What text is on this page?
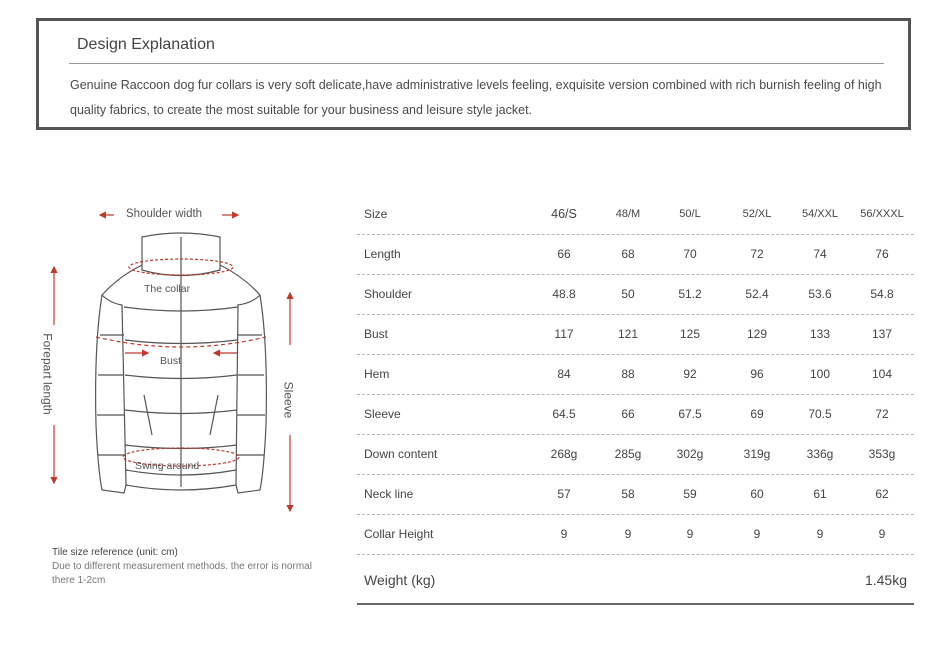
Design Explanation

Genuine Raccoon dog fur collars is very soft delicate,have administrative levels feeling, exquisite version combined with rich burnish feeling of high quality fabrics, to create the most suitable for your business and leisure style jacket.

Shoulder width
The collar
Bust
Swing around
Forepart length	Sleeve
Tile size reference (unit: cm)
Due to different measurement methods. the error is normal there 1-2cm
Size	46/S	48/M	50/L	52/XL	54/XXL	56/XXXL
Length	66	68	70	72	74	76
Shoulder	48.8	50	51.2	52.4	53.6	54.8
Bust	117	121	125	129	133	137
Hem	84	88	92	96	100	104
Sleeve	64.5	66	67.5	69	70.5	72
Down content	268g	285g	302g	319g	336g	353g
Neck line	57	58	59	60	61	62
Collar Height	9	9	9	9	9	9
Weight (kg)	1.45kg
